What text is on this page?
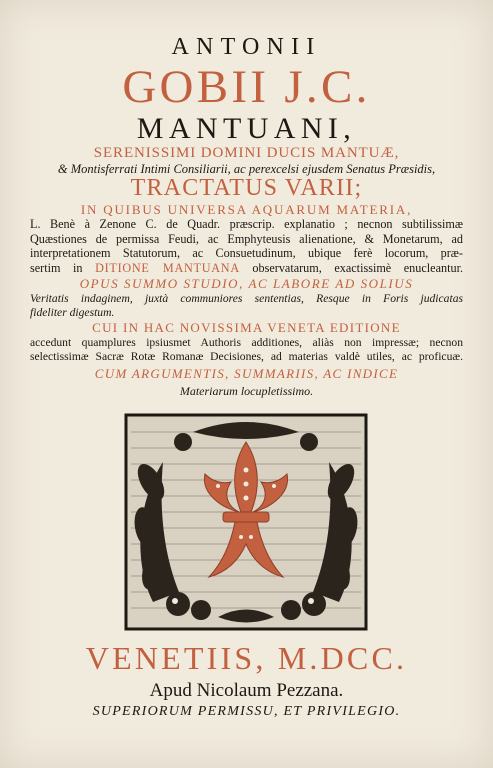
ANTONII
GOBII J.C.
MANTUANI,
SERENISSIMI DOMINI DUCIS MANTUÆ,
& Montisferrati Intimi Consiliarii, ac perexcelsi ejusdem Senatus Præsidis,
TRACTATUS VARII;
IN QUIBUS UNIVERSA AQUARUM MATERIA,
L. Benè à Zenone C. de Quadr. præscrip. explanatio ; necnon subtilissimæ
Quæstiones de permissa Feudi, ac Emphyteusis alienatione, & Monetarum, ad
interpretationem Statutorum, ac Consuetudinum, ubique ferè locorum, præ-
sertim in DITIONE MANTUANA observatarum, exactissimè enucleantur.
OPUS SUMMO STUDIO, AC LABORE AD SOLIUS
Veritatis indaginem, juxtà communiores sententias, Resque in Foris judicatas
fideliter digestum.
CUI IN HAC NOVISSIMA VENETA EDITIONE
accedunt quamplures ipsiusmet Authoris additiones, aliàs non impressæ; necnon
selectissimæ Sacræ Rotæ Romanæ Decisiones, ad materias valdè utiles, ac proficuæ.
CUM ARGUMENTIS, SUMMARIIS, AC INDICE
Materiarum locupletissimo.
VENETIIS, M.DCC.
Apud Nicolaum Pezzana.
SUPERIORUM PERMISSU, ET PRIVILEGIO.
